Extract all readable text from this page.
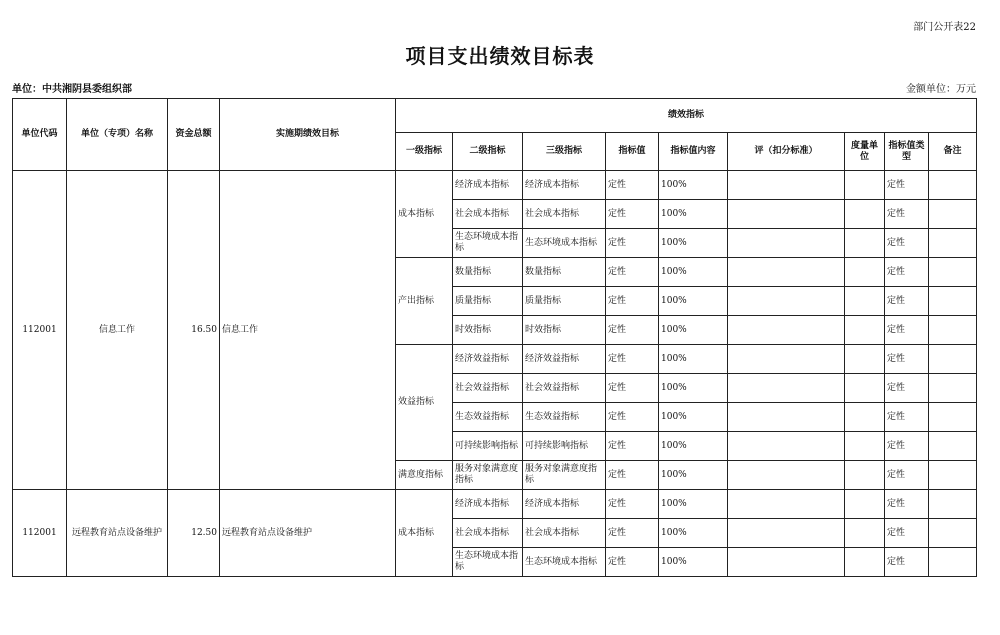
部门公开表22
项目支出绩效目标表
单位：中共湘阴县委组织部	金额单位：万元
单位代码	单位（专项）名称	资金总额	实施期绩效目标	绩效指标								
				一级指标	二级指标	三级指标	指标值	指标值内容	评（扣分标准）	度量单位	指标值类型	备注
112001	信息工作	16.50	信息工作	成本指标	经济成本指标	经济成本指标	定性	100%			定性	
					社会成本指标	社会成本指标	定性	100%			定性	
					生态环境成本指标	生态环境成本指标	定性	100%			定性	
				产出指标	数量指标	数量指标	定性	100%			定性	
					质量指标	质量指标	定性	100%			定性	
					时效指标	时效指标	定性	100%			定性	
				效益指标	经济效益指标	经济效益指标	定性	100%			定性	
					社会效益指标	社会效益指标	定性	100%			定性	
					生态效益指标	生态效益指标	定性	100%			定性	
					可持续影响指标	可持续影响指标	定性	100%			定性	
				满意度指标	服务对象满意度指标	服务对象满意度指标	定性	100%			定性	
112001	远程教育站点设备维护	12.50	远程教育站点设备维护	成本指标	经济成本指标	经济成本指标	定性	100%			定性	
					社会成本指标	社会成本指标	定性	100%			定性	
					生态环境成本指标	生态环境成本指标	定性	100%			定性	
